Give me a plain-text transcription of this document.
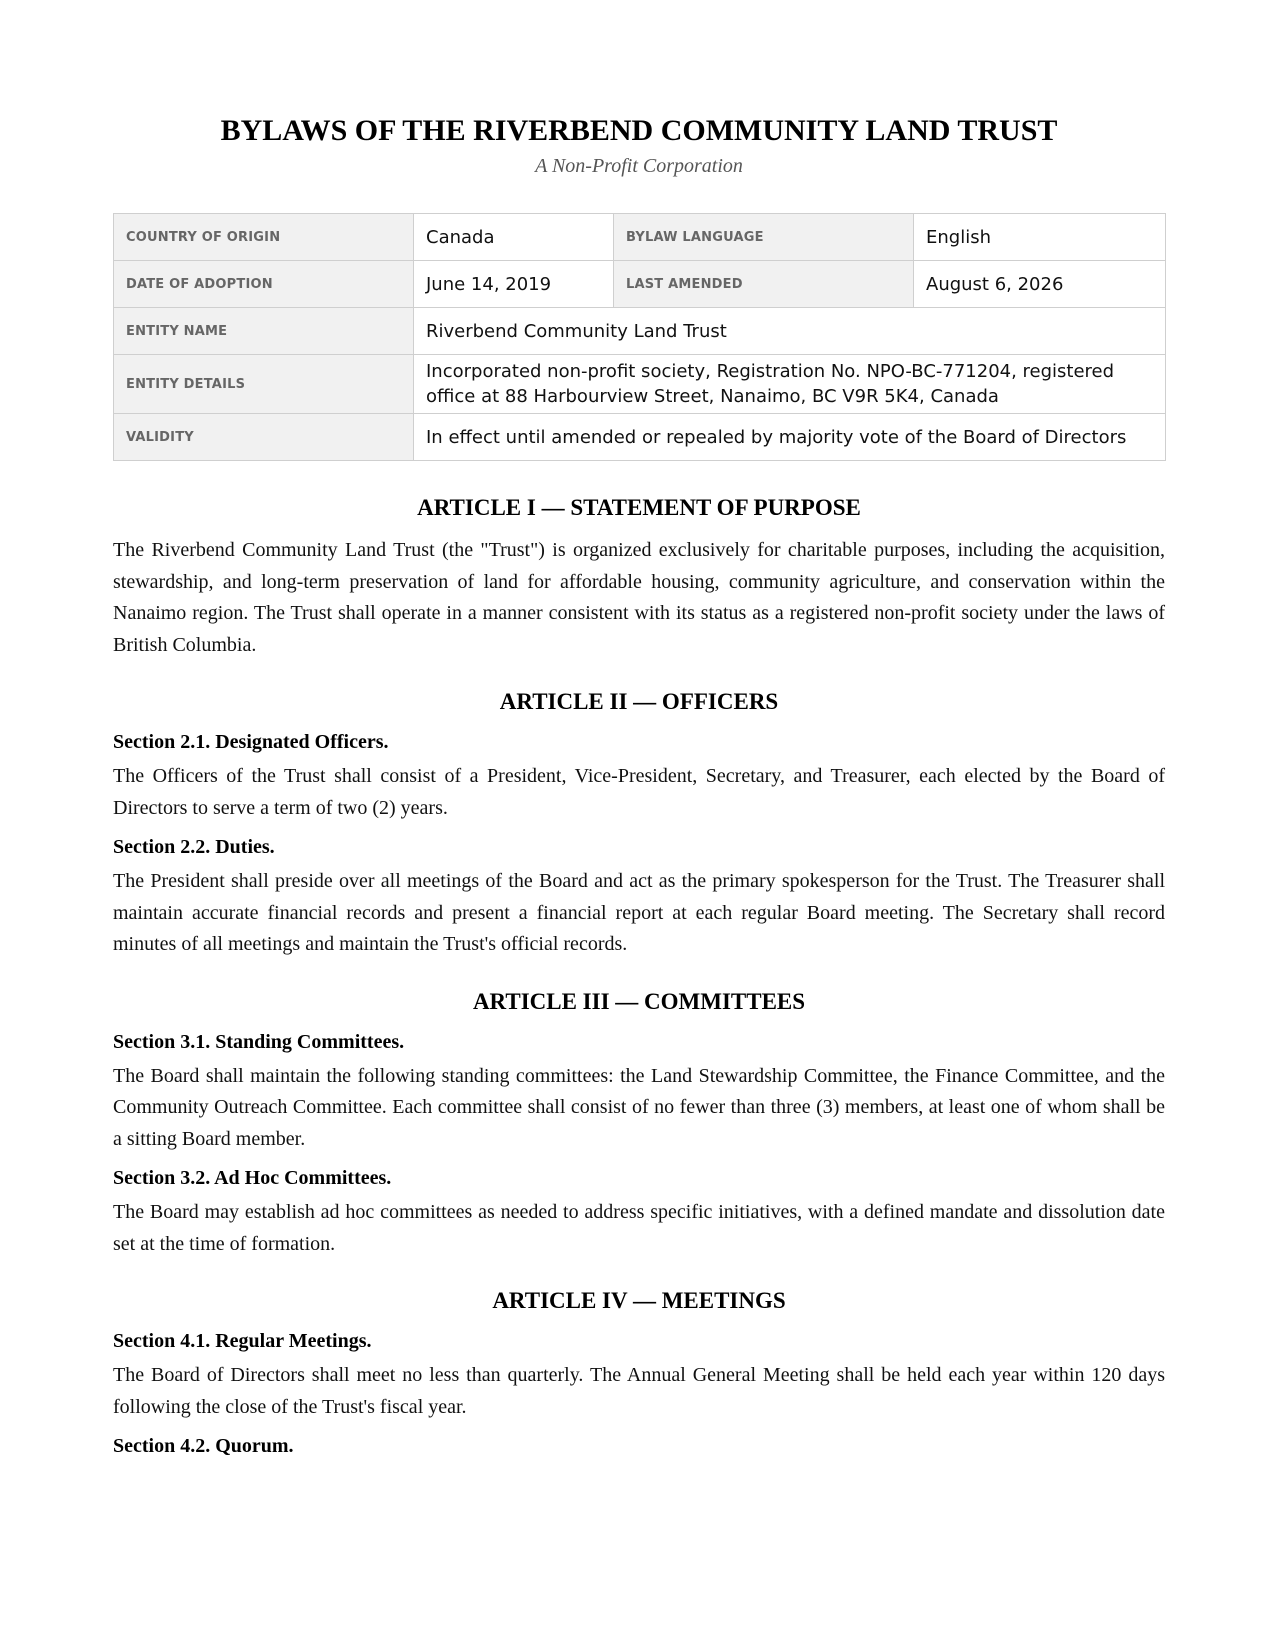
BYLAWS OF THE RIVERBEND COMMUNITY LAND TRUST

A Non-Profit Corporation

COUNTRY OF ORIGIN	Canada	BYLAW LANGUAGE	English
DATE OF ADOPTION	June 14, 2019	LAST AMENDED	August 6, 2026
ENTITY NAME	Riverbend Community Land Trust		
ENTITY DETAILS	Incorporated non-profit society, Registration No. NPO-BC-771204, registered office at 88 Harbourview Street, Nanaimo, BC V9R 5K4, Canada		
VALIDITY	In effect until amended or repealed by majority vote of the Board of Directors		
ARTICLE I — STATEMENT OF PURPOSE

The Riverbend Community Land Trust (the "Trust") is organized exclusively for charitable purposes, including the acquisition, stewardship, and long-term preservation of land for affordable housing, community agriculture, and conservation within the Nanaimo region. The Trust shall operate in a manner consistent with its status as a registered non-profit society under the laws of British Columbia.

ARTICLE II — OFFICERS
Section 2.1. Designated Officers.

The Officers of the Trust shall consist of a President, Vice-President, Secretary, and Treasurer, each elected by the Board of Directors to serve a term of two (2) years.

Section 2.2. Duties.

The President shall preside over all meetings of the Board and act as the primary spokesperson for the Trust. The Treasurer shall maintain accurate financial records and present a financial report at each regular Board meeting. The Secretary shall record minutes of all meetings and maintain the Trust's official records.

ARTICLE III — COMMITTEES
Section 3.1. Standing Committees.

The Board shall maintain the following standing committees: the Land Stewardship Committee, the Finance Committee, and the Community Outreach Committee. Each committee shall consist of no fewer than three (3) members, at least one of whom shall be a sitting Board member.

Section 3.2. Ad Hoc Committees.

The Board may establish ad hoc committees as needed to address specific initiatives, with a defined mandate and dissolution date set at the time of formation.

ARTICLE IV — MEETINGS
Section 4.1. Regular Meetings.

The Board of Directors shall meet no less than quarterly. The Annual General Meeting shall be held each year within 120 days following the close of the Trust's fiscal year.

Section 4.2. Quorum.
